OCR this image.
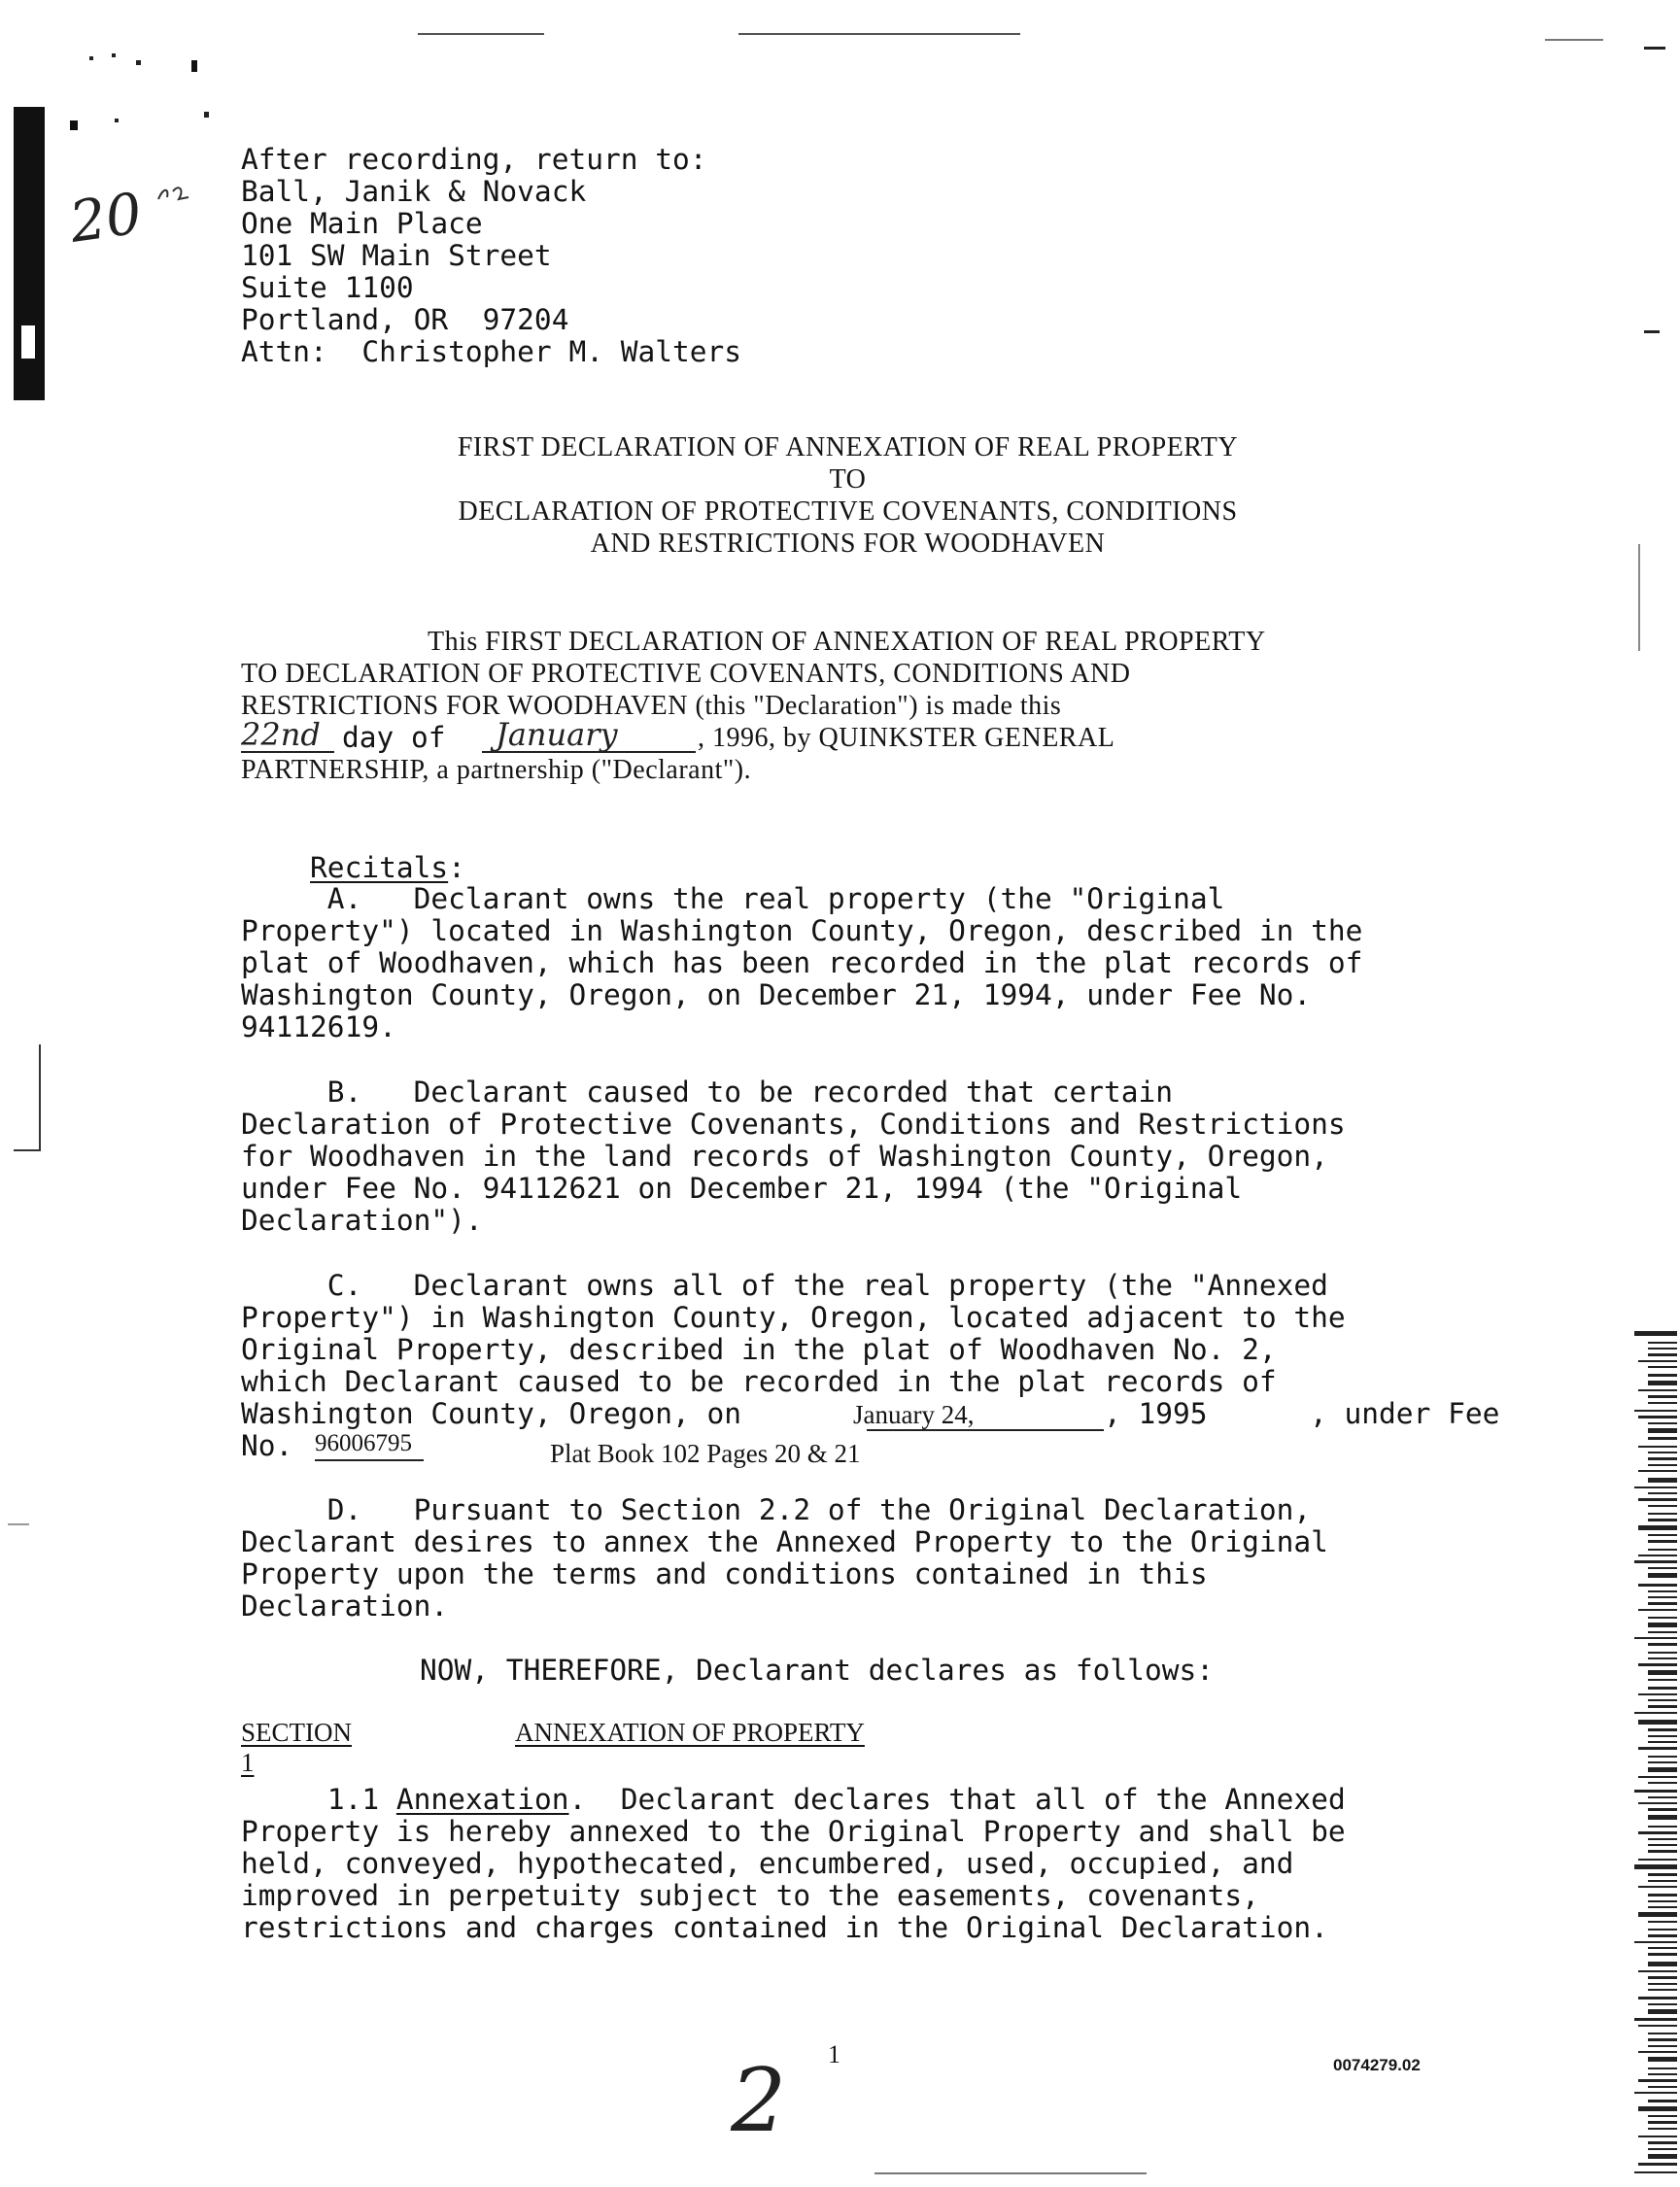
20
After recording, return to:
Ball, Janik & Novack
One Main Place
101 SW Main Street
Suite 1100
Portland, OR  97204
Attn:  Christopher M. Walters
FIRST DECLARATION OF ANNEXATION OF REAL PROPERTY
TO
DECLARATION OF PROTECTIVE COVENANTS, CONDITIONS
AND RESTRICTIONS FOR WOODHAVEN
This FIRST DECLARATION OF ANNEXATION OF REAL PROPERTY
TO DECLARATION OF PROTECTIVE COVENANTS, CONDITIONS AND
RESTRICTIONS FOR WOODHAVEN (this "Declaration") is made this
22nd day of January	, 1996, by QUINKSTER GENERAL
PARTNERSHIP, a partnership ("Declarant").

Recitals:

A.   Declarant owns the real property (the "Original
Property") located in Washington County, Oregon, described in the
plat of Woodhaven, which has been recorded in the plat records of
Washington County, Oregon, on December 21, 1994, under Fee No.
94112619.
B.   Declarant caused to be recorded that certain
Declaration of Protective Covenants, Conditions and Restrictions
for Woodhaven in the land records of Washington County, Oregon,
under Fee No. 94112621 on December 21, 1994 (the "Original
Declaration").
C.   Declarant owns all of the real property (the "Annexed
Property") in Washington County, Oregon, located adjacent to the
Original Property, described in the plat of Woodhaven No. 2,
which Declarant caused to be recorded in the plat records of
Washington County, Oregon, on	January 24,	, 1995	, under Fee
No. 96006795	Plat Book 102 Pages 20 & 21
D.   Pursuant to Section 2.2 of the Original Declaration,
Declarant desires to annex the Annexed Property to the Original
Property upon the terms and conditions contained in this
Declaration.
NOW, THEREFORE, Declarant declares as follows:
SECTION 1
ANNEXATION OF PROPERTY
1.1 Annexation.  Declarant declares that all of the Annexed
Property is hereby annexed to the Original Property and shall be
held, conveyed, hypothecated, encumbered, used, occupied, and
improved in perpetuity subject to the easements, covenants,
restrictions and charges contained in the Original Declaration.
2 1	0074279.02
